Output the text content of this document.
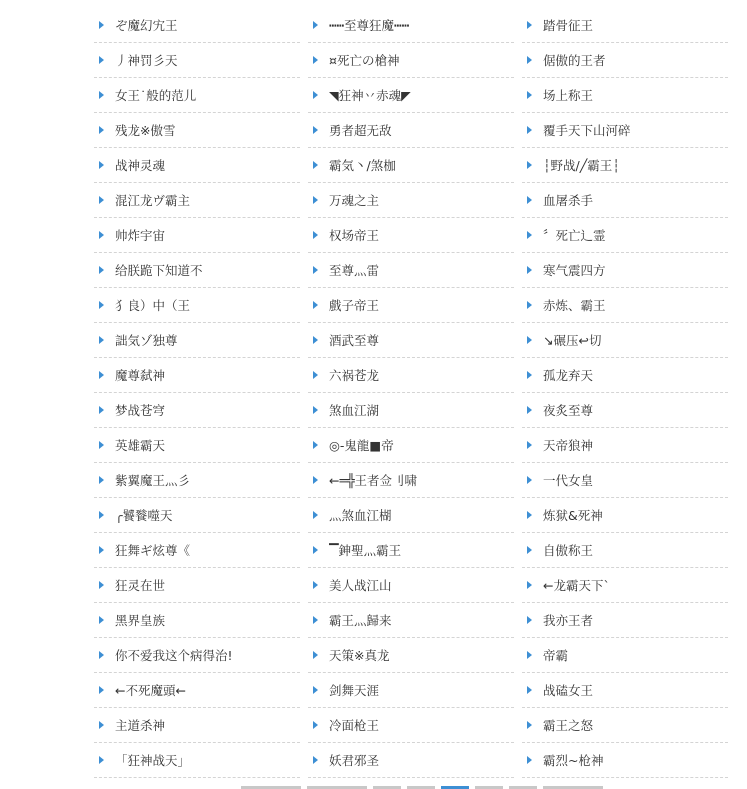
ぞ魔幻宄王	┅┅至尊狂魔┅┅	踏骨征王
丿神罚彡天	¤死亡の槍神	倨傲的王者
女王˙般的范儿	◥狂神丷赤魂◤	场上称王
残龙※傲雪	勇者超无敌	覆手天下山河碎
战神灵魂	霸気丶/煞枷	┆野战/╱霸王┆
混江龙ヴ霸主	万魂之主	血屠杀手
帅炸宇宙	权场帝王	〞死亡辶霊
给朕跪下知道不	至尊灬雷	寒气震四方
犭良）中（王	戲子帝王	赤炼、霸王
詘気ゾ独尊	酒武至尊	↘碾压↩切
魔尊弑神	六祸苍龙	孤龙弃天
梦战苍穹	煞血江湖	夜炙至尊
英雄霸天	◎-鬼龍■帝	天帝狼神
紫翼魔王灬彡	←═╬王者佥刂啸	一代女皇
╭饕餮噬天	灬煞血江楜	炼狱&死神
狂舞ギ炫尊《	▔鉮聖灬霸王	自傲称王
狂灵在世	美人战江山	←龙霸天下ˋ
黑界皇族	霸王灬歸来	我亦王者
你不爱我这个病得治!	天策※真龙	帝霸
←不死魔頭←	剑舞天涯	战磕女王
主道杀神	冷面枪王	霸王之怒
「狂神战天」	妖君邪圣	霸烈~枪神
